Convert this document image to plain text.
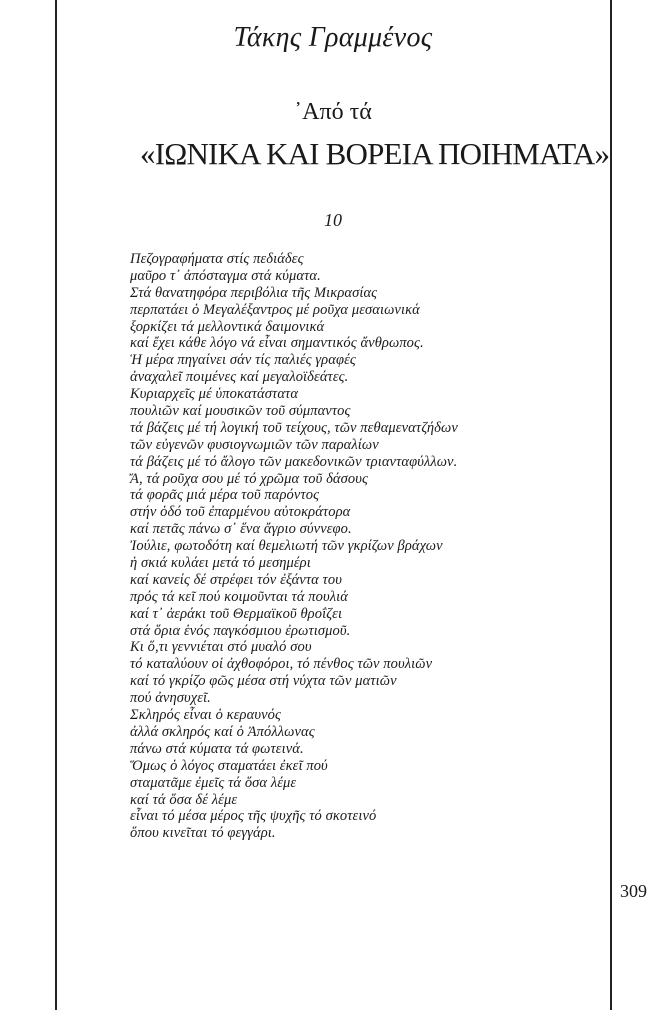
Τάκης Γραμμένος
᾿Από τά
«ΙΩΝΙΚΑ ΚΑΙ ΒΟΡΕΙΑ ΠΟΙΗΜΑΤΑ»
10
Πεζογραφήματα στίς πεδιάδες
μαῦρο τ᾿ ἀπόσταγμα στά κύματα.
Στά θανατηφόρα περιβόλια τῆς Μικρασίας
περπατάει ὁ Μεγαλέξαντρος μέ ροῦχα μεσαιωνικά
ξορκίζει τά μελλοντικά δαιμονικά
καί ἔχει κάθε λόγο νά εἶναι σημαντικός ἄνθρωπος.
Ἡ μέρα πηγαίνει σάν τίς παλιές γραφές
ἀναχαλεῖ ποιμένες καί μεγαλοϊδεάτες.
Κυριαρχεῖς μέ ὑποκατάστατα
πουλιῶν καί μουσικῶν τοῦ σύμπαντος
τά βάζεις μέ τή λογική τοῦ τείχους, τῶν πεθαμενατζήδων
τῶν εὐγενῶν φυσιογνωμιῶν τῶν παραλίων
τά βάζεις μέ τό ἄλογο τῶν μακεδονικῶν τριανταφύλλων.
Ἄ, τά ροῦχα σου μέ τό χρῶμα τοῦ δάσους
τά φορᾶς μιά μέρα τοῦ παρόντος
στήν ὁδό τοῦ ἐπαρμένου αὐτοκράτορα
καί πετᾶς πάνω σ᾿ ἕνα ἄγριο σύννεφο.
Ἰούλιε, φωτοδότη καί θεμελιωτή τῶν γκρίζων βράχων
ἡ σκιά κυλάει μετά τό μεσημέρι
καί κανείς δέ στρέφει τόν ἐξάντα του
πρός τά κεῖ πού κοιμοῦνται τά πουλιά
καί τ᾿ ἀεράκι τοῦ Θερμαϊκοῦ θροΐζει
στά ὅρια ἑνός παγκόσμιου ἐρωτισμοῦ.
Κι ὅ,τι γεννιέται στό μυαλό σου
τό καταλύουν οἱ ἀχθοφόροι, τό πένθος τῶν πουλιῶν
καί τό γκρίζο φῶς μέσα στή νύχτα τῶν ματιῶν
πού ἀνησυχεῖ.
Σκληρός εἶναι ὁ κεραυνός
ἀλλά σκληρός καί ὁ Ἀπόλλωνας
πάνω στά κύματα τά φωτεινά.
Ὅμως ὁ λόγος σταματάει ἐκεῖ πού
σταματᾶμε ἐμεῖς τά ὅσα λέμε
καί τά ὅσα δέ λέμε
εἶναι τό μέσα μέρος τῆς ψυχῆς τό σκοτεινό
ὅπου κινεῖται τό φεγγάρι.
309
